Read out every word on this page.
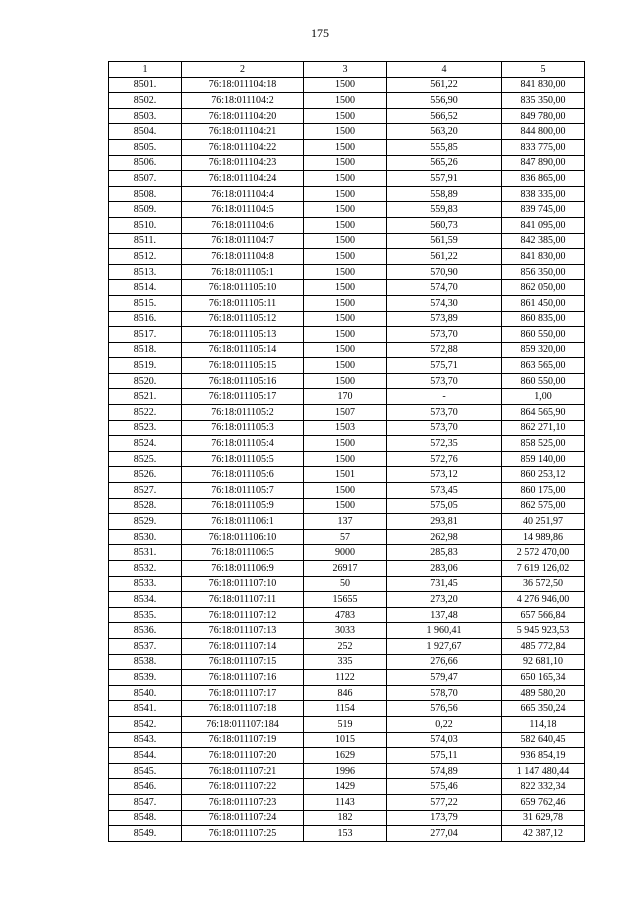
175
1	2	3	4	5
8501.	76:18:011104:18	1500	561,22	841 830,00
8502.	76:18:011104:2	1500	556,90	835 350,00
8503.	76:18:011104:20	1500	566,52	849 780,00
8504.	76:18:011104:21	1500	563,20	844 800,00
8505.	76:18:011104:22	1500	555,85	833 775,00
8506.	76:18:011104:23	1500	565,26	847 890,00
8507.	76:18:011104:24	1500	557,91	836 865,00
8508.	76:18:011104:4	1500	558,89	838 335,00
8509.	76:18:011104:5	1500	559,83	839 745,00
8510.	76:18:011104:6	1500	560,73	841 095,00
8511.	76:18:011104:7	1500	561,59	842 385,00
8512.	76:18:011104:8	1500	561,22	841 830,00
8513.	76:18:011105:1	1500	570,90	856 350,00
8514.	76:18:011105:10	1500	574,70	862 050,00
8515.	76:18:011105:11	1500	574,30	861 450,00
8516.	76:18:011105:12	1500	573,89	860 835,00
8517.	76:18:011105:13	1500	573,70	860 550,00
8518.	76:18:011105:14	1500	572,88	859 320,00
8519.	76:18:011105:15	1500	575,71	863 565,00
8520.	76:18:011105:16	1500	573,70	860 550,00
8521.	76:18:011105:17	170	-	1,00
8522.	76:18:011105:2	1507	573,70	864 565,90
8523.	76:18:011105:3	1503	573,70	862 271,10
8524.	76:18:011105:4	1500	572,35	858 525,00
8525.	76:18:011105:5	1500	572,76	859 140,00
8526.	76:18:011105:6	1501	573,12	860 253,12
8527.	76:18:011105:7	1500	573,45	860 175,00
8528.	76:18:011105:9	1500	575,05	862 575,00
8529.	76:18:011106:1	137	293,81	40 251,97
8530.	76:18:011106:10	57	262,98	14 989,86
8531.	76:18:011106:5	9000	285,83	2 572 470,00
8532.	76:18:011106:9	26917	283,06	7 619 126,02
8533.	76:18:011107:10	50	731,45	36 572,50
8534.	76:18:011107:11	15655	273,20	4 276 946,00
8535.	76:18:011107:12	4783	137,48	657 566,84
8536.	76:18:011107:13	3033	1 960,41	5 945 923,53
8537.	76:18:011107:14	252	1 927,67	485 772,84
8538.	76:18:011107:15	335	276,66	92 681,10
8539.	76:18:011107:16	1122	579,47	650 165,34
8540.	76:18:011107:17	846	578,70	489 580,20
8541.	76:18:011107:18	1154	576,56	665 350,24
8542.	76:18:011107:184	519	0,22	114,18
8543.	76:18:011107:19	1015	574,03	582 640,45
8544.	76:18:011107:20	1629	575,11	936 854,19
8545.	76:18:011107:21	1996	574,89	1 147 480,44
8546.	76:18:011107:22	1429	575,46	822 332,34
8547.	76:18:011107:23	1143	577,22	659 762,46
8548.	76:18:011107:24	182	173,79	31 629,78
8549.	76:18:011107:25	153	277,04	42 387,12
